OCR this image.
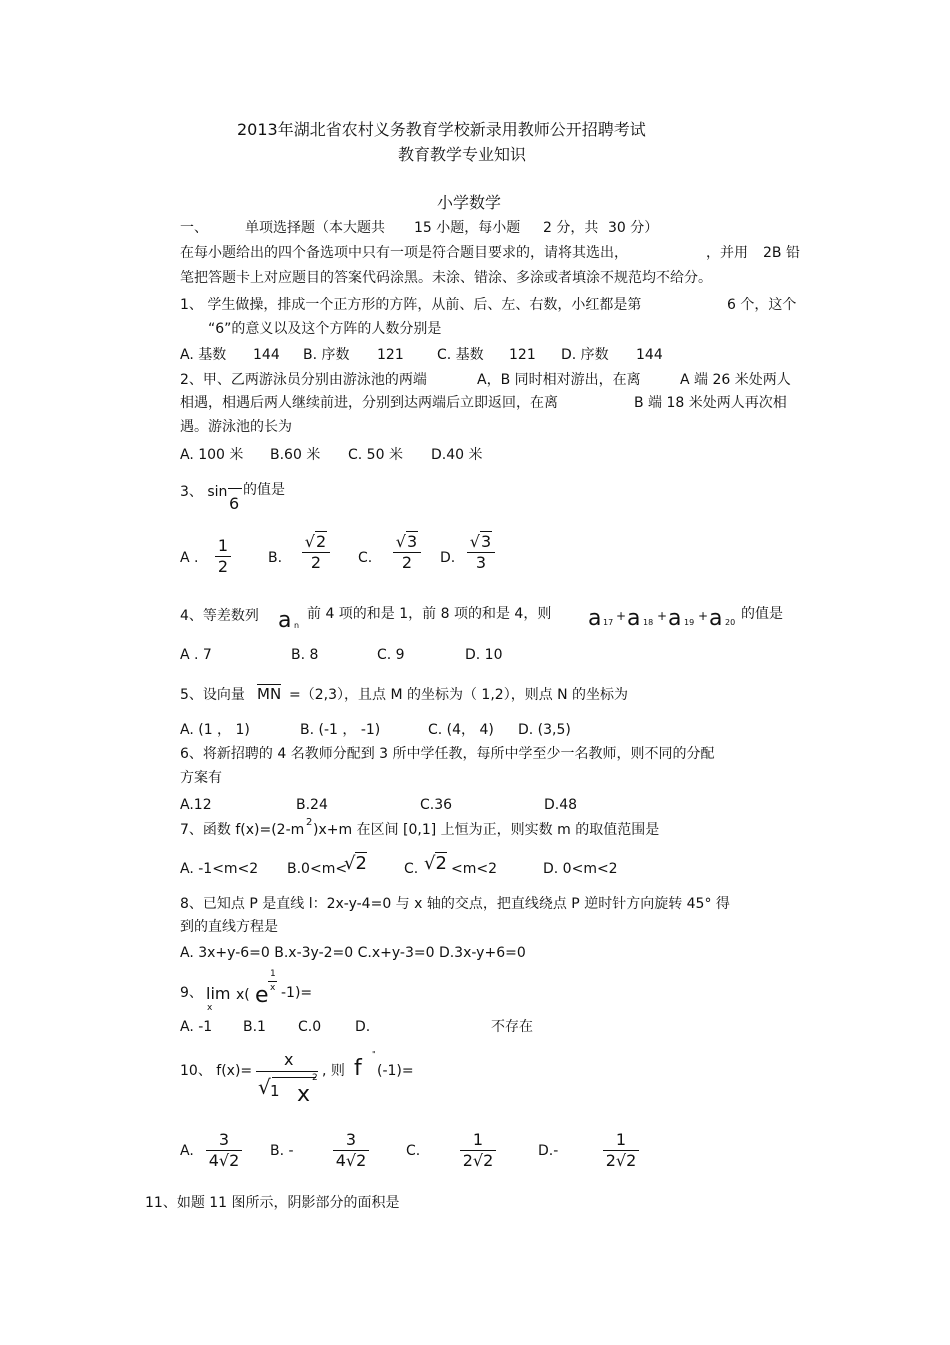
2013年湖北省农村义务教育学校新录用教师公开招聘考试
教育教学专业知识
小学数学
一、	单项选择题（本大题共 15 小题，每小题 2 分，共 30 分）
在每小题给出的四个备选项中只有一项是符合题目要求的，请将其选出，	，并用 2B 铅
笔把答题卡上对应题目的答案代码涂黑。未涂、错涂、多涂或者填涂不规范均不给分。
1、 学生做操，排成一个正方形的方阵，从前、后、左、右数，小红都是第	6 个，这个
“6”的意义以及这个方阵的人数分别是
A. 基数 144 B. 序数 121 C. 基数 121 D. 序数 144
2、甲、乙两游泳员分别由游泳池的两端	A，B 同时相对游出，在离	A 端 26 米处两人
相遇，相遇后两人继续前进，分别到达两端后立即返回，在离	B 端 18 米处两人再次相
遇。游泳池的长为
A. 100 米 B.60 米 C. 50 米 D.40 米
3、 sin
6
的值是
A .
1
2	B.
√2
2	C.
√3
2	D.
√3
3
4、等差数列 a n
前 4 项的和是 1，前 8 项的和是 4，则 a 17 + a 18 + a 19 + a 20
的值是
A . 7	B. 8	C. 9	D. 10
5、设向量 MN =（2,3），且点 M 的坐标为（ 1,2），则点 N 的坐标为
A. (1 ， 1)	B. (-1 ， -1)	C. (4， 4) D. (3,5)
6、将新招聘的 4 名教师分配到 3 所中学任教，每所中学至少一名教师，则不同的分配
方案有
A.12	B.24	C.36	D.48
7、函数 f(x)=(2-m 2 )x+m 在区间 [0,1] 上恒为正，则实数 m 的取值范围是
A. -1<m<2 B.0<m<
√2	C. √2 <m<2	D. 0<m<2
8、已知点 P 是直线 l：2x-y-4=0 与 x 轴的交点，把直线绕点 P 逆时针方向旋转 45° 得
到的直线方程是
A. 3x+y-6=0 B.x-3y-2=0 C.x+y-3=0 D.3x-y+6=0
9、 lim
x
x( e
1
x -1)=
A. -1 B.1 C.0 D.	不存在
10、 f(x)=
x
√ 1 x
2 , 则 f
"
(-1)=
A.
3
4√2 B. -
3
4√2	C.
1
2√2	D.-
1
2√2
11、如题 11 图所示，阴影部分的面积是
